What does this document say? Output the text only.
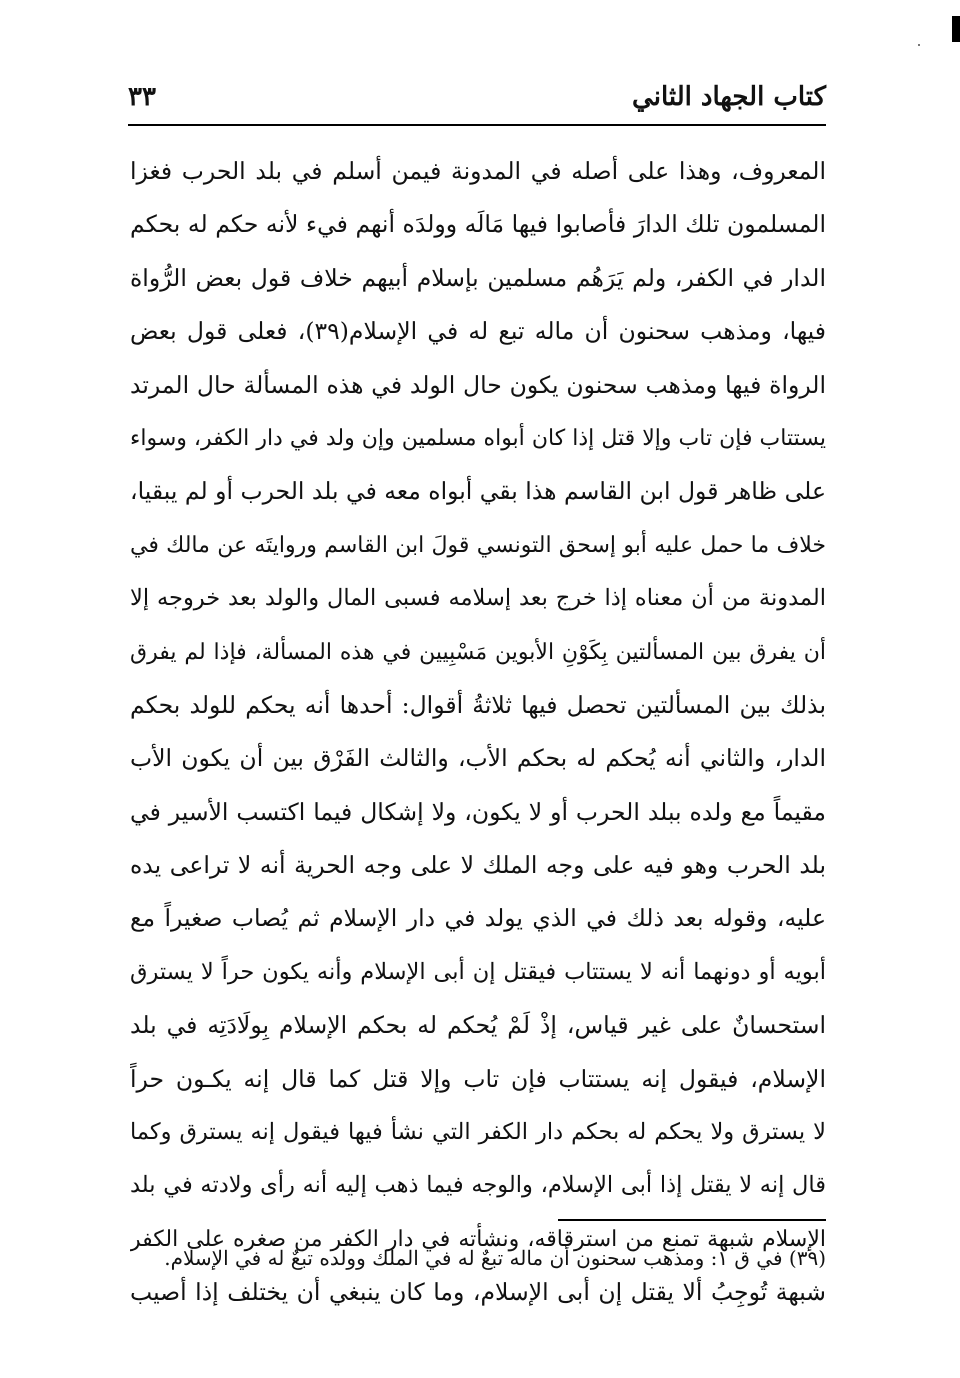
كتاب الجهاد الثاني
٣٣
المعروف، وهذا على أصله في المدونة فيمن أسلم في بلد الحرب فغزا
المسلمون تلك الدارَ فأصابوا فيها مَالَه وولدَه أنهم فيء لأنه حكم له بحكم
الدار في الكفر، ولم يَرَهُم مسلمين بإسلام أبيهم خلاف قول بعض الرُّواة
فيها، ومذهب سحنون أن ماله تبع له في الإسلام(٣٩)، فعلى قول بعض
الرواة فيها ومذهب سحنون يكون حال الولد في هذه المسألة حال المرتد
يستتاب فإن تاب وإلا قتل إذا كان أبواه مسلمين وإن ولد في دار الكفر، وسواء
على ظاهر قول ابن القاسم هذا بقي أبواه معه في بلد الحرب أو لم يبقيا،
خلاف ما حمل عليه أبو إسحق التونسي قولَ ابن القاسم وروايتَه عن مالك في
المدونة من أن معناه إذا خرج بعد إسلامه فسبى المال والولد بعد خروجه إلا
أن يفرق بين المسألتين بِكَوْنِ الأبوين مَسْبِيين في هذه المسألة، فإذا لم يفرق
بذلك بين المسألتين تحصل فيها ثلاثةُ أقوال: أحدها أنه يحكم للولد بحكم
الدار، والثاني أنه يُحكم له بحكم الأب، والثالث الفَرْق بين أن يكون الأب
مقيماً مع ولده ببلد الحرب أو لا يكون، ولا إشكال فيما اكتسب الأسير في
بلد الحرب وهو فيه على وجه الملك لا على وجه الحرية أنه لا تراعى يده
عليه، وقوله بعد ذلك في الذي يولد في دار الإسلام ثم يُصاب صغيراً مع
أبويه أو دونهما أنه لا يستتاب فيقتل إن أبى الإسلام وأنه يكون حراً لا يسترق
استحسانٌ على غير قياس، إذْ لَمْ يُحكم له بحكم الإسلام بِولَادَتِه في بلد
الإسلام، فيقول إنه يستتاب فإن تاب وإلا قتل كما قال إنه يكـون حراً
لا يسترق ولا يحكم له بحكم دار الكفر التي نشأ فيها فيقول إنه يسترق وكما
قال إنه لا يقتل إذا أبى الإسلام، والوجه فيما ذهب إليه أنه رأى ولادته في بلد
الإسلام شبهة تمنع من استرقاقه، ونشأته في دار الكفر من صغره على الكفر
شبهة تُوجِبُ ألا يقتل إن أبى الإسلام، وما كان ينبغي أن يختلف إذا أصيب
(٣٩) في ق ١: ومذهب سحنون أن ماله تبعٌ له في الملك وولده تبعٌ له في الإسلام.
